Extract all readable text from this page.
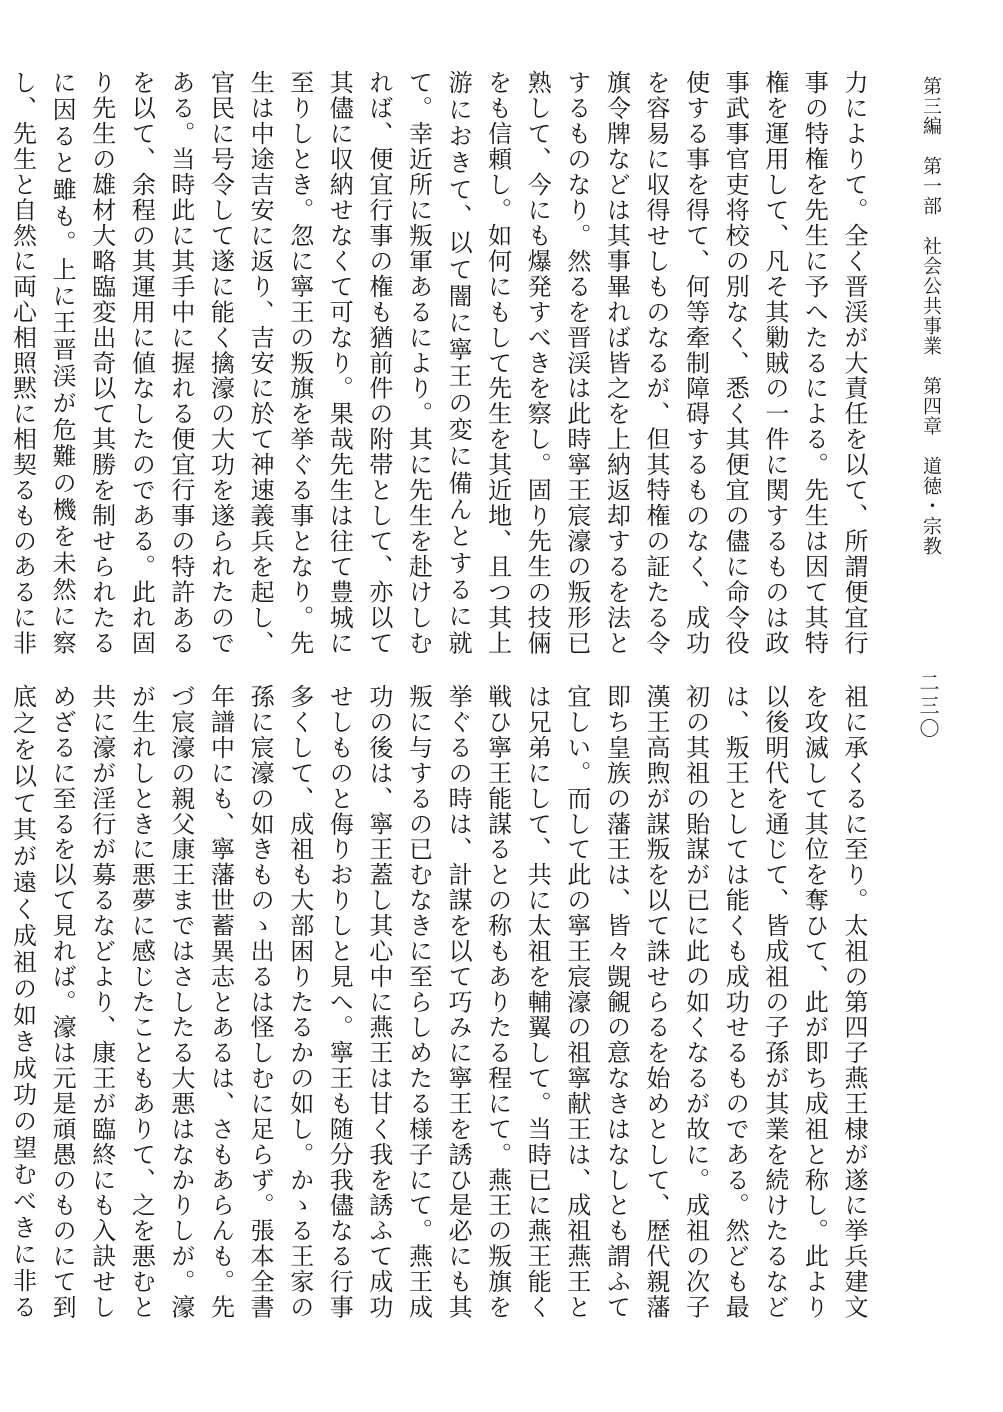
第三編　第一部　社会公共事業　第四章　道徳・宗教
二三〇

力によりて。全く晋渓が大責任を以て、所謂便宜行事の特権を先生に予へたるによる。先生は因て其特権を運用して、凡そ其勦賊の一件に関するものは政事武事官吏将校の別なく、悉く其便宜の儘に命令役使する事を得て、何等牽制障碍するものなく、成功を容易に収得せしものなるが、但其特権の証たる令旗令牌などは其事畢れば皆之を上納返却するを法とするものなり。然るを晋渓は此時寧王宸濠の叛形已熟して、今にも爆発すべきを察し。固り先生の技倆をも信頼し。如何にもして先生を其近地、且つ其上游におきて、以て闇に寧王の変に備んとするに就て。幸近所に叛軍あるにより。其に先生を赴けしむれば、便宜行事の権も猶前件の附帯として、亦以て其儘に収納せなくて可なり。果哉先生は往て豊城に至りしとき。忽に寧王の叛旗を挙ぐる事となり。先生は中途吉安に返り、吉安に於て神速義兵を起し、官民に号令して遂に能く擒濠の大功を遂られたのである。当時此に其手中に握れる便宜行事の特許あるを以て、余程の其運用に値なしたのである。此れ固り先生の雄材大略臨変出奇以て其勝を制せられたるに因ると雖も。上に王晋渓が危難の機を未然に察し、先生と自然に両心相照黙に相契るものあるに非

祖に承くるに至り。太祖の第四子燕王棣が遂に挙兵建文を攻滅して其位を奪ひて、此が即ち成祖と称し。此より以後明代を通じて、皆成祖の子孫が其業を続けたるなどは、叛王としては能くも成功せるものである。然ども最初の其祖の貽謀が已に此の如くなるが故に。成祖の次子漢王高煦が謀叛を以て誅せらるを始めとして、歴代親藩即ち皇族の藩王は、皆々覬覦の意なきはなしとも謂ふて宜しい。而して此の寧王宸濠の祖寧献王は、成祖燕王とは兄弟にして、共に太祖を輔翼して。当時已に燕王能く戦ひ寧王能謀るとの称もありたる程にて。燕王の叛旗を挙ぐるの時は、計謀を以て巧みに寧王を誘ひ是必にも其叛に与するの已むなきに至らしめたる様子にて。燕王成功の後は、寧王蓋し其心中に燕王は甘く我を誘ふて成功せしものと侮りおりしと見へ。寧王も随分我儘なる行事多くして、成祖も大部困りたるかの如し。かゝる王家の孫に宸濠の如きものゝ出るは怪しむに足らず。張本全書年譜中にも、寧藩世蓄異志とあるは、さもあらんも。先づ宸濠の親父康王まではさしたる大悪はなかりしが。濠が生れしときに悪夢に感じたこともありて、之を悪むと共に濠が淫行が募るなどより、康王が臨終にも入訣せしめざるに至るを以て見れば。濠は元是頑愚のものにて到底之を以て其が遠く成祖の如き成功の望むべきに非る
